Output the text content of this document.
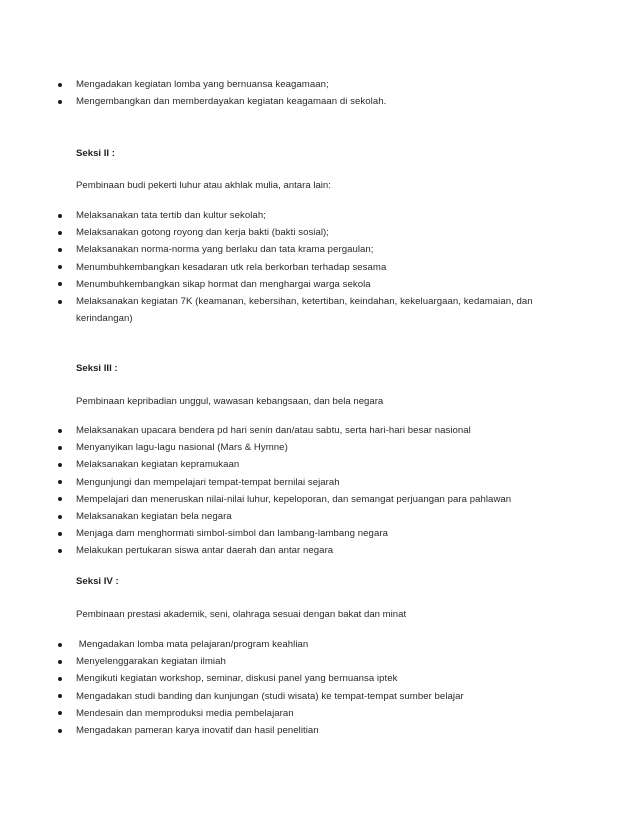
Mengadakan kegiatan lomba yang bernuansa keagamaan;
Mengembangkan dan memberdayakan kegiatan keagamaan di sekolah.
Seksi II :
Pembinaan budi pekerti luhur atau akhlak mulia, antara lain:
Melaksanakan tata tertib dan kultur sekolah;
Melaksanakan gotong royong dan kerja bakti (bakti sosial);
Melaksanakan norma-norma yang berlaku dan tata krama pergaulan;
Menumbuhkembangkan kesadaran utk rela berkorban terhadap sesama
Menumbuhkembangkan sikap hormat dan menghargai warga sekola
Melaksanakan kegiatan 7K (keamanan, kebersihan, ketertiban, keindahan, kekeluargaan, kedamaian, dan kerindangan)
Seksi III :
Pembinaan kepribadian unggul, wawasan kebangsaan, dan bela negara
Melaksanakan upacara bendera pd hari senin dan/atau sabtu, serta hari-hari besar nasional
Menyanyikan lagu-lagu nasional (Mars & Hymne)
Melaksanakan kegiatan kepramukaan
Mengunjungi dan mempelajari tempat-tempat bernilai sejarah
Mempelajari dan meneruskan nilai-nilai luhur, kepeloporan, dan semangat perjuangan para pahlawan
Melaksanakan kegiatan bela negara
Menjaga dam menghormati simbol-simbol dan lambang-lambang negara
Melakukan pertukaran siswa antar daerah dan antar negara
Seksi IV :
Pembinaan prestasi akademik, seni, olahraga sesuai dengan bakat dan minat
Mengadakan lomba mata pelajaran/program keahlian
Menyelenggarakan kegiatan ilmiah
Mengikuti kegiatan workshop, seminar, diskusi panel yang bernuansa iptek
Mengadakan studi banding dan kunjungan (studi wisata) ke tempat-tempat sumber belajar
Mendesain dan memproduksi media pembelajaran
Mengadakan pameran karya inovatif dan hasil penelitian
